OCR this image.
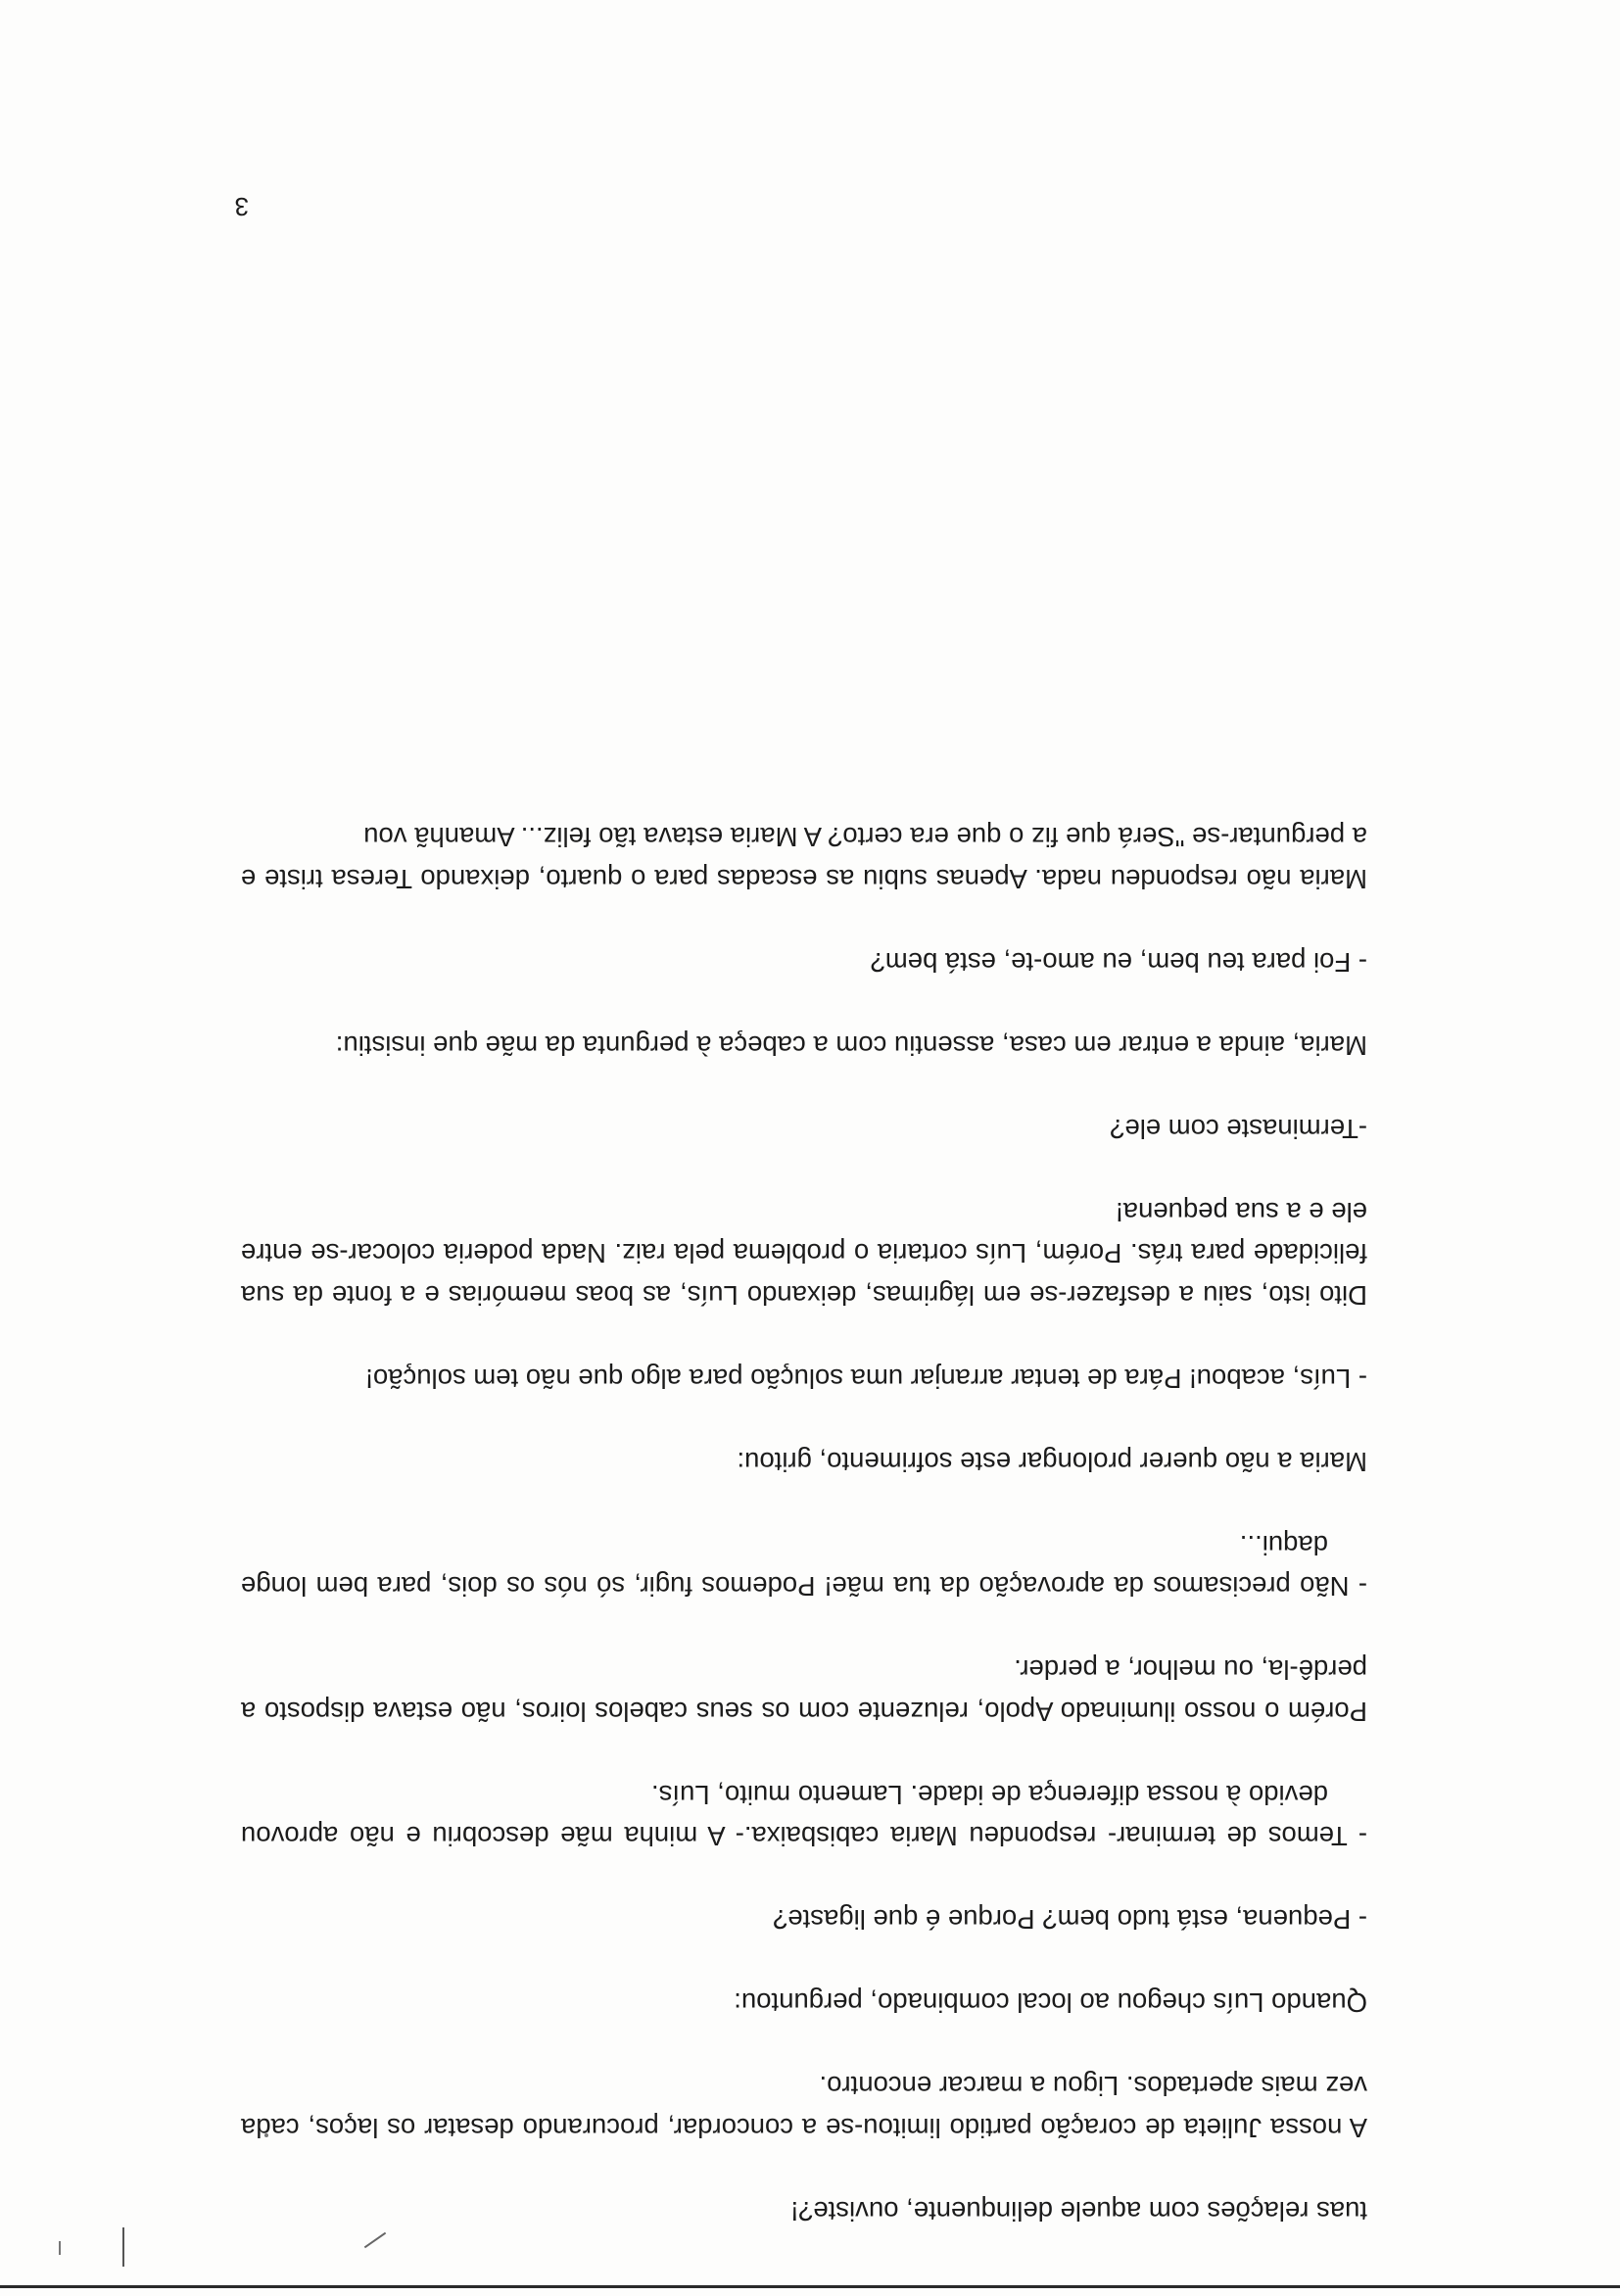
tuas relações com aquele delinquente, ouviste?!

A nossa Julieta de coração partido limitou-se a concordar, procurando desatar os laços, cada vez mais apertados. Ligou a marcar encontro.

Quando Luís chegou ao local combinado, perguntou:

- Pequena, está tudo bem? Porque é que ligaste?

- Temos de terminar- respondeu Maria cabisbaixa.- A minha mãe descobriu e não aprovou devido à nossa diferença de idade. Lamento muito, Luís.

Porém o nosso iluminado Apolo, reluzente com os seus cabelos loiros, não estava disposto a perdê-la, ou melhor, a perder.

- Não precisamos da aprovação da tua mãe! Podemos fugir, só nós os dois, para bem longe daqui...

Maria a não querer prolongar este sofrimento, gritou:

- Luís, acabou! Pára de tentar arranjar uma solução para algo que não tem solução!

Dito isto, saiu a desfazer-se em lágrimas, deixando Luís, as boas memórias e a fonte da sua felicidade para trás. Porém, Luís cortaria o problema pela raiz. Nada poderia colocar-se entre ele e a sua pequena!

-Terminaste com ele?

Maria, ainda a entrar em casa, assentiu com a cabeça à pergunta da mãe que insistiu:

- Foi para teu bem, eu amo-te, está bem?

Maria não respondeu nada. Apenas subiu as escadas para o quarto, deixando Teresa triste e a perguntar-se "Será que fiz o que era certo? A Maria estava tão feliz... Amanhã vou

3
